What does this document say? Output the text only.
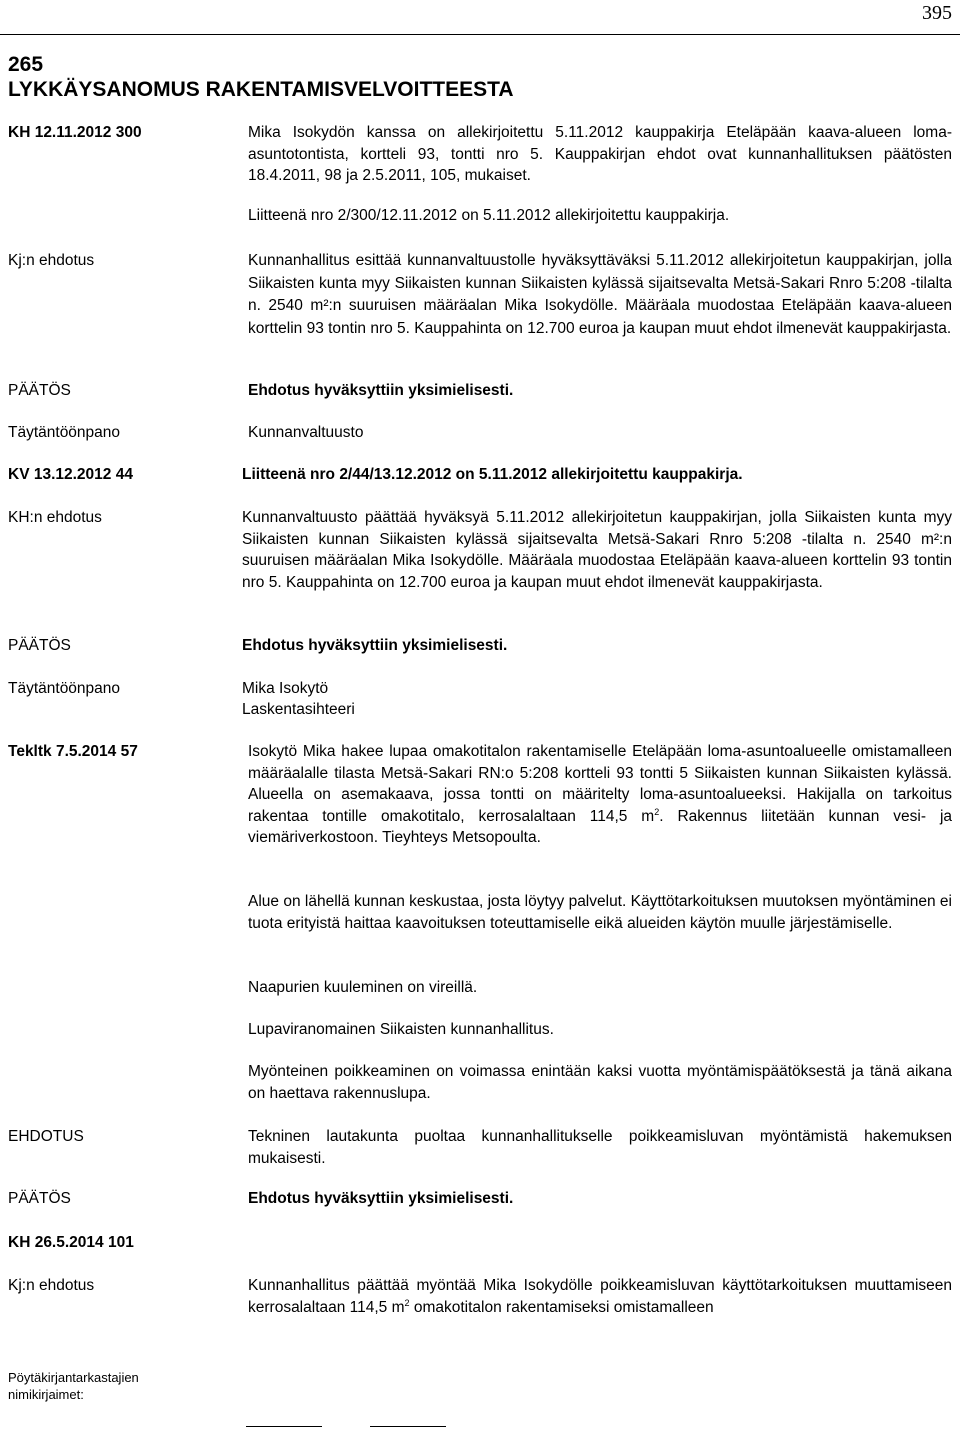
395
265
LYKKÄYSANOMUS RAKENTAMISVELVOITTEESTA
KH 12.11.2012 300	Mika Isokydön kanssa on allekirjoitettu 5.11.2012 kauppakirja Eteläpään kaava-alueen loma-asuntotontista, kortteli 93, tontti nro 5. Kauppakirjan ehdot ovat kunnanhallituksen päätösten 18.4.2011, 98 ja 2.5.2011, 105, mukaiset.
Liitteenä nro 2/300/12.11.2012 on 5.11.2012 allekirjoitettu kauppakirja.
Kj:n ehdotus	Kunnanhallitus esittää kunnanvaltuustolle hyväksyttäväksi 5.11.2012 allekirjoitetun kauppakirjan, jolla Siikaisten kunta myy Siikaisten kunnan Siikaisten kylässä sijaitsevalta Metsä-Sakari Rnro 5:208 -tilalta n. 2540 m²:n suuruisen määräalan Mika Isokydölle. Määräala muodostaa Eteläpään kaava-alueen korttelin 93 tontin nro 5. Kauppahinta on 12.700 euroa ja kaupan muut ehdot ilmenevät kauppakirjasta.
PÄÄTÖS	Ehdotus hyväksyttiin yksimielisesti.
Täytäntöönpano	Kunnanvaltuusto
KV 13.12.2012 44	Liitteenä nro 2/44/13.12.2012 on 5.11.2012 allekirjoitettu kauppakirja.
KH:n ehdotus	Kunnanvaltuusto päättää hyväksyä 5.11.2012 allekirjoitetun kauppakirjan, jolla Siikaisten kunta myy Siikaisten kunnan Siikaisten kylässä sijaitsevalta Metsä-Sakari Rnro 5:208 -tilalta n. 2540 m²:n suuruisen määräalan Mika Isokydölle. Määräala muodostaa Eteläpään kaava-alueen korttelin 93 tontin nro 5. Kauppahinta on 12.700 euroa ja kaupan muut ehdot ilmenevät kauppakirjasta.
PÄÄTÖS	Ehdotus hyväksyttiin yksimielisesti.
Täytäntöönpano	Mika Isokytö
Laskentasihteeri
Tekltk 7.5.2014 57	Isokytö Mika hakee lupaa omakotitalon rakentamiselle Eteläpään loma-asuntoalueelle omistamalleen määräalalle tilasta Metsä-Sakari RN:o 5:208 kortteli 93 tontti 5 Siikaisten kunnan Siikaisten kylässä. Alueella on asemakaava, jossa tontti on määritelty loma-asuntoalueeksi. Hakijalla on tarkoitus rakentaa tontille omakotitalo, kerrosalaltaan 114,5 $m^2$. Rakennus liitetään kunnan vesi- ja viemäriverkostoon. Tieyhteys Metsopoulta.
Alue on lähellä kunnan keskustaa, josta löytyy palvelut. Käyttötarkoituksen muutoksen myöntäminen ei tuota erityistä haittaa kaavoituksen toteuttamiselle eikä alueiden käytön muulle järjestämiselle.
Naapurien kuuleminen on vireillä.
Lupaviranomainen Siikaisten kunnanhallitus.
Myönteinen poikkeaminen on voimassa enintään kaksi vuotta myöntämispäätöksestä ja tänä aikana on haettava rakennuslupa.
EHDOTUS	Tekninen lautakunta puoltaa kunnanhallitukselle poikkeamisluvan myöntämistä hakemuksen mukaisesti.
PÄÄTÖS	Ehdotus hyväksyttiin yksimielisesti.
KH 26.5.2014 101
Kj:n ehdotus	Kunnanhallitus päättää myöntää Mika Isokydölle poikkeamisluvan käyttötarkoituksen muuttamiseen kerrosalaltaan 114,5 $m^2$ omakotitalon rakentamiseksi omistamalleen
Pöytäkirjantarkastajien
nimikirjaimet:
